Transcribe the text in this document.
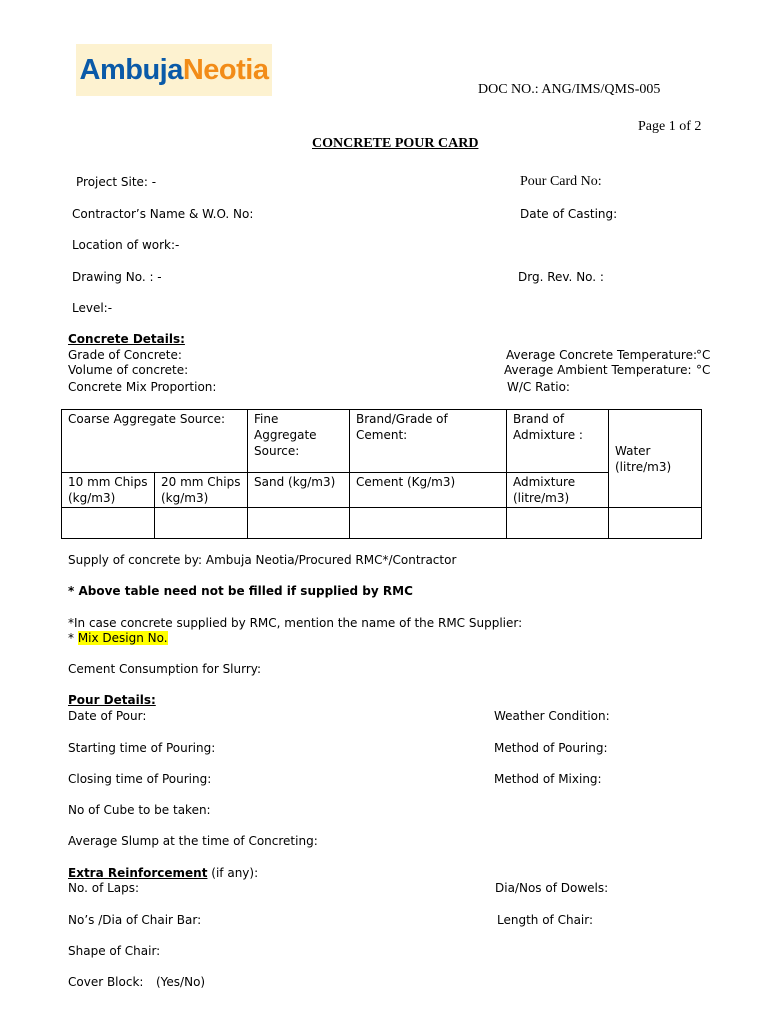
Ambuja Neotia
DOC NO.: ANG/IMS/QMS-005
Page 1 of 2
CONCRETE POUR CARD
Project Site: -	Pour Card No:
Contractor’s Name & W.O. No:	Date of Casting:
Location of work:-
Drawing No. : -	Drg. Rev. No. :
Level:-
Concrete Details:
Grade of Concrete:
Volume of concrete:
Concrete Mix Proportion:
Average Concrete Temperature:
°C
Average Ambient Temperature: °C
W/C Ratio:
Coarse Aggregate Source:		Fine Aggregate Source:	Brand/Grade of Cement:	Brand of Admixture :	Water (litre/m3)
10 mm Chips (kg/m3)	20 mm Chips (kg/m3)	Sand (kg/m3)	Cement (Kg/m3)	Admixture (litre/m3)	

Supply of concrete by: Ambuja Neotia/Procured RMC*/Contractor
* Above table need not be filled if supplied by RMC
*In case concrete supplied by RMC, mention the name of the RMC Supplier:
* Mix Design No.
Cement Consumption for Slurry:
Pour Details:
Date of Pour:	Weather Condition:
Starting time of Pouring:	Method of Pouring:
Closing time of Pouring:	Method of Mixing:
No of Cube to be taken:
Average Slump at the time of Concreting:
Extra Reinforcement (if any):
No. of Laps:	Dia/Nos of Dowels:
No’s /Dia of Chair Bar:	Length of Chair:
Shape of Chair:
Cover Block: (Yes/No)
